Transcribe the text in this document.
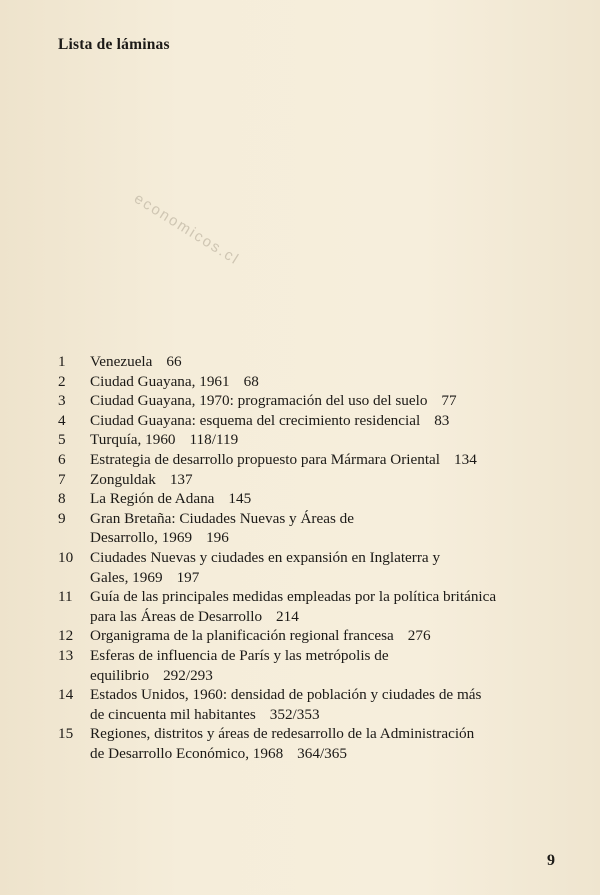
Lista de láminas
economicos.cl
1	Venezuela 66
2	Ciudad Guayana, 1961 68
3	Ciudad Guayana, 1970: programación del uso del suelo 77
4	Ciudad Guayana: esquema del crecimiento residencial 83
5	Turquía, 1960 118/119
6	Estrategia de desarrollo propuesto para Mármara Oriental 134
7	Zonguldak 137
8	La Región de Adana 145
9	Gran Bretaña: Ciudades Nuevas y Áreas de
Desarrollo, 1969 196
10	Ciudades Nuevas y ciudades en expansión en Inglaterra y
Gales, 1969 197
11	Guía de las principales medidas empleadas por la política británica
para las Áreas de Desarrollo 214
12	Organigrama de la planificación regional francesa 276
13	Esferas de influencia de París y las metrópolis de
equilibrio 292/293
14	Estados Unidos, 1960: densidad de población y ciudades de más
de cincuenta mil habitantes 352/353
15	Regiones, distritos y áreas de redesarrollo de la Administración
de Desarrollo Económico, 1968 364/365
9
